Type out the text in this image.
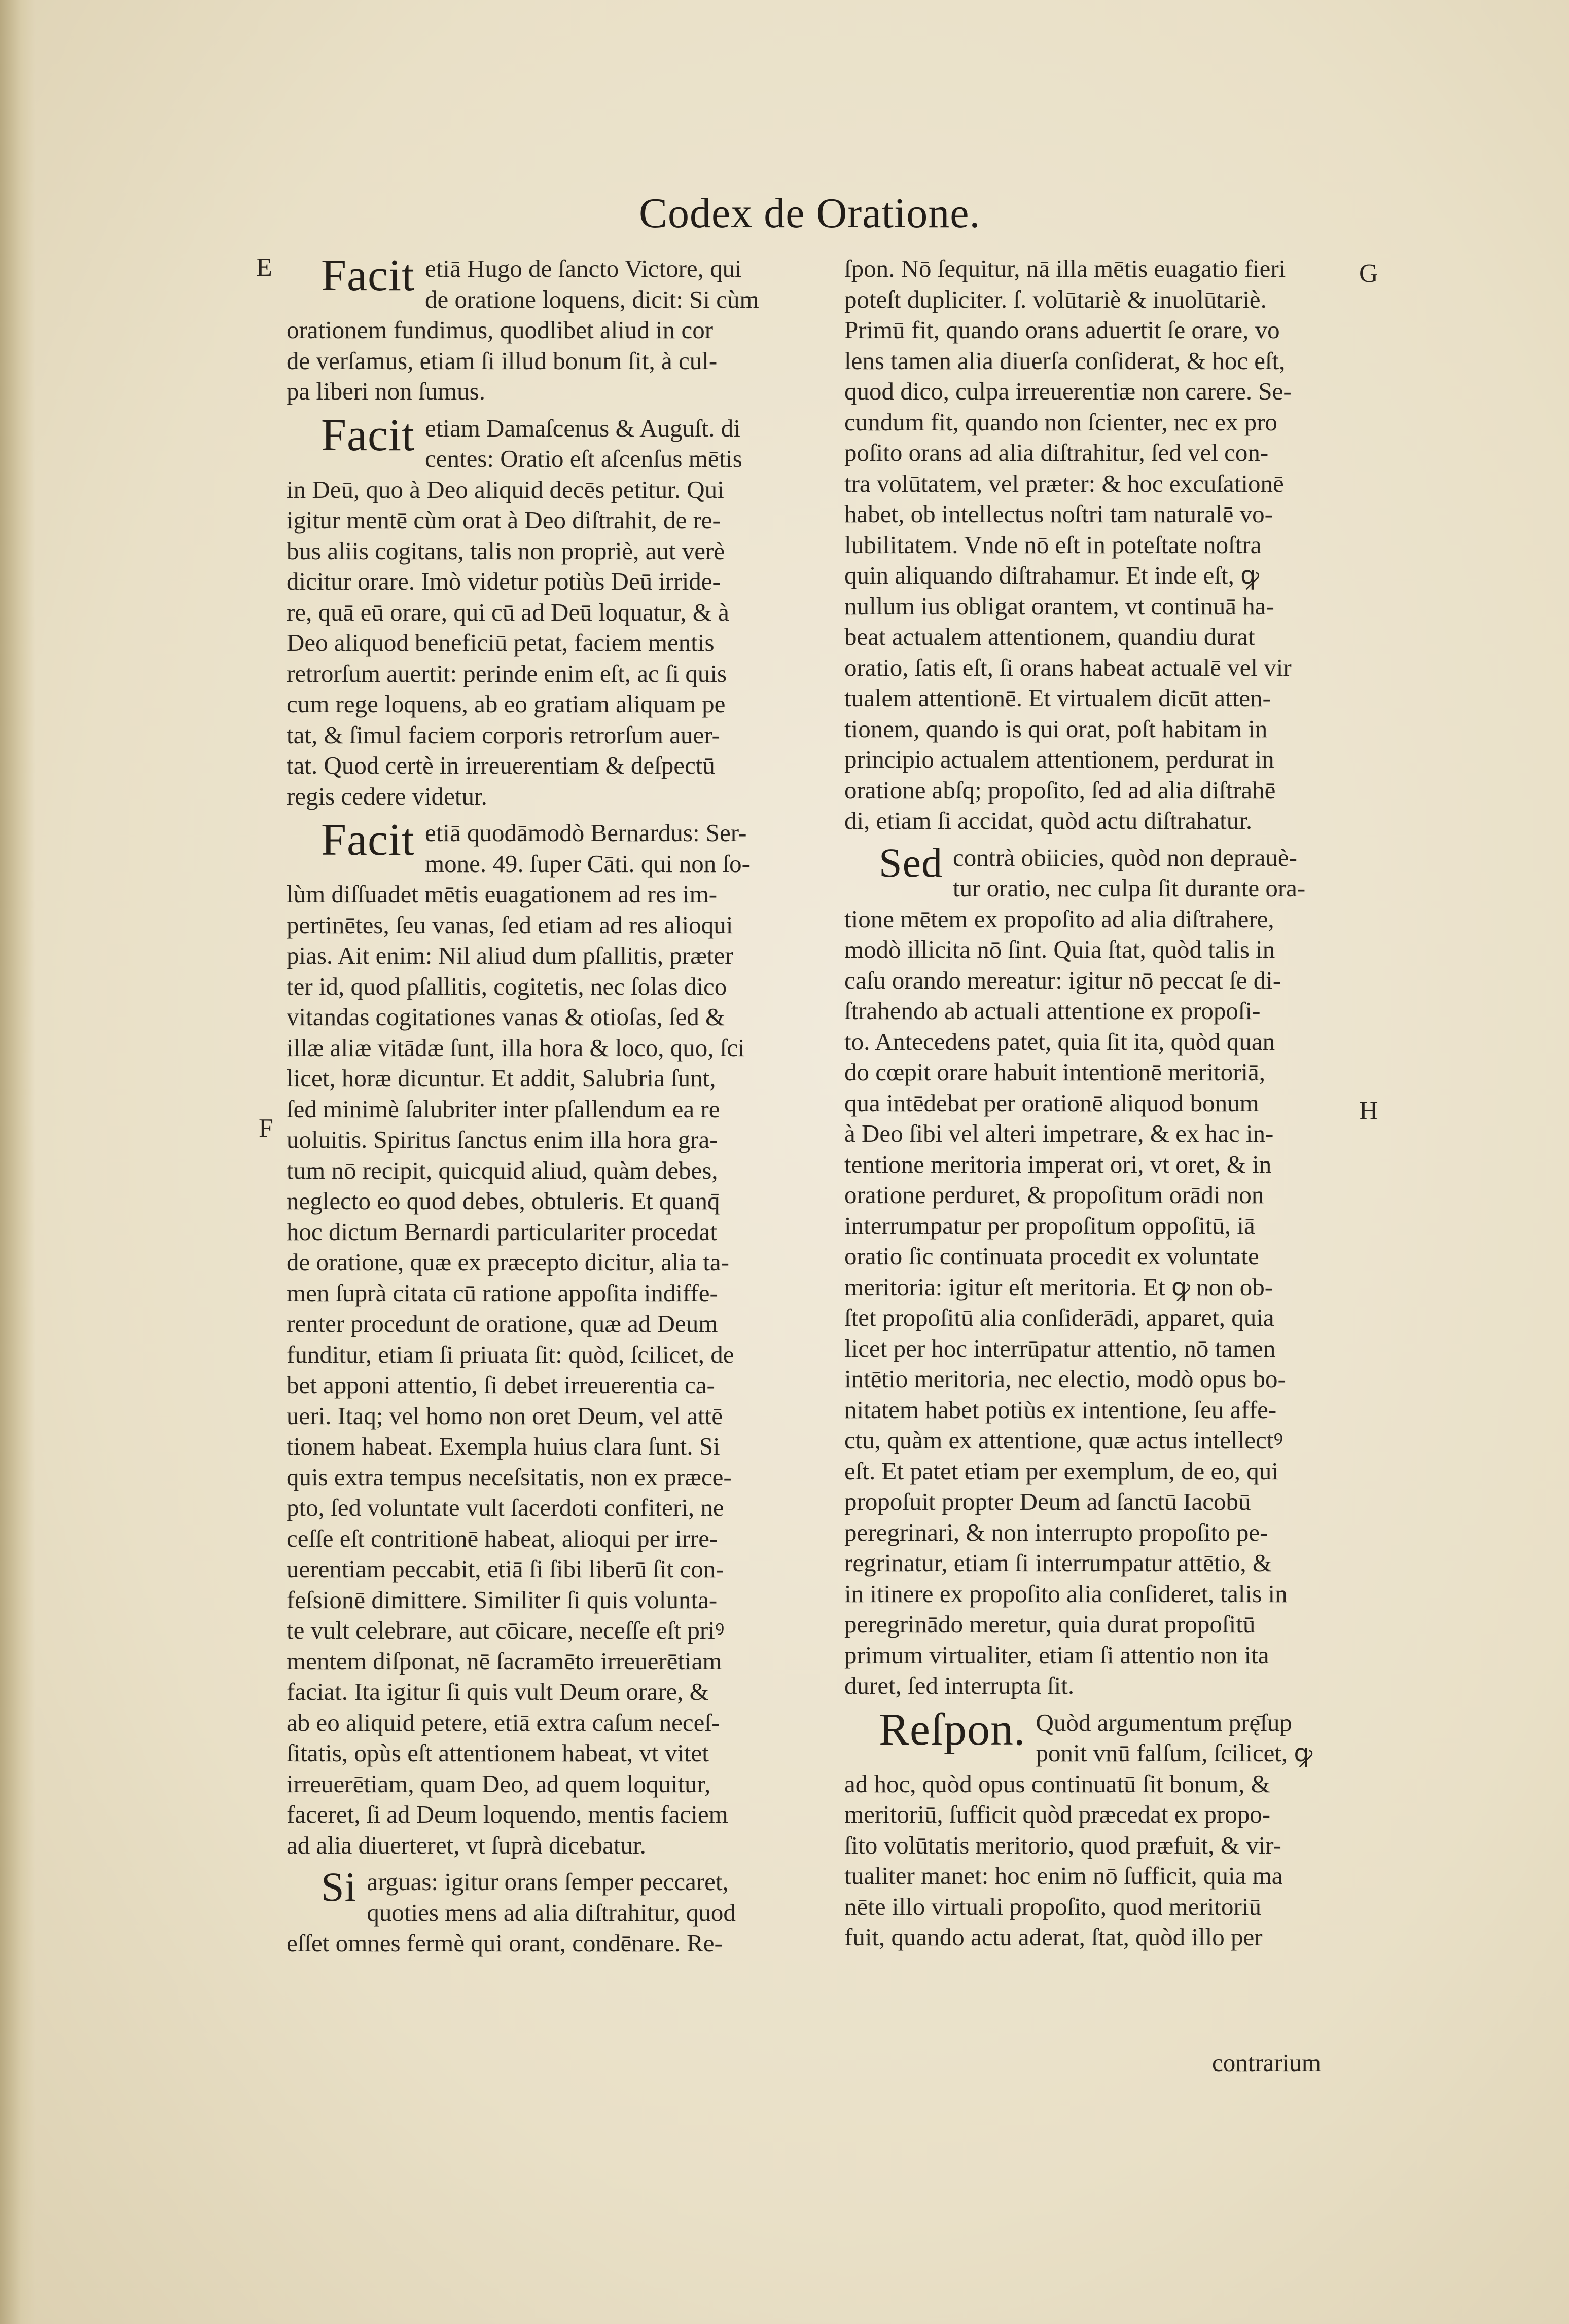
Codex de Oratione.
E
F
G
H
Facit etiā Hugo de ſancto Victore, qui
de oratione loquens, dicit: Si cùm
orationem fundimus, quodlibet aliud in cor
de verſamus, etiam ſi illud bonum ſit, à cul-
pa liberi non ſumus.
Facit etiam Damaſcenus & Auguſt. di
centes: Oratio eſt aſcenſus mētis
in Deū, quo à Deo aliquid decēs petitur. Qui
igitur mentē cùm orat à Deo diſtrahit, de re-
bus aliis cogitans, talis non propriè, aut verè
dicitur orare. Imò videtur potiùs Deū irride-
re, quā eū orare, qui cū ad Deū loquatur, & à
Deo aliquod beneficiū petat, faciem mentis
retrorſum auertit: perinde enim eſt, ac ſi quis
cum rege loquens, ab eo gratiam aliquam pe
tat, & ſimul faciem corporis retrorſum auer-
tat. Quod certè in irreuerentiam & deſpectū
regis cedere videtur.
Facit etiā quodāmodò Bernardus: Ser-
mone. 49. ſuper Cāti. qui non ſo-
lùm diſſuadet mētis euagationem ad res im-
pertinētes, ſeu vanas, ſed etiam ad res alioqui
pias. Ait enim: Nil aliud dum pſallitis, præter
ter id, quod pſallitis, cogitetis, nec ſolas dico
vitandas cogitationes vanas & otioſas, ſed &
illæ aliæ vitādæ ſunt, illa hora & loco, quo, ſci
licet, horæ dicuntur. Et addit, Salubria ſunt,
ſed minimè ſalubriter inter pſallendum ea re
uoluitis. Spiritus ſanctus enim illa hora gra-
tum nō recipit, quicquid aliud, quàm debes,
neglecto eo quod debes, obtuleris. Et quanq̄
hoc dictum Bernardi particulariter procedat
de oratione, quæ ex præcepto dicitur, alia ta-
men ſuprà citata cū ratione appoſita indiffe-
renter procedunt de oratione, quæ ad Deum
funditur, etiam ſi priuata ſit: quòd, ſcilicet, de
bet apponi attentio, ſi debet irreuerentia ca-
ueri. Itaq; vel homo non oret Deum, vel attē
tionem habeat. Exempla huius clara ſunt. Si
quis extra tempus neceſsitatis, non ex præce-
pto, ſed voluntate vult ſacerdoti confiteri, ne
ceſſe eſt contritionē habeat, alioqui per irre-
uerentiam peccabit, etiā ſi ſibi liberū ſit con-
feſsionē dimittere. Similiter ſi quis volunta-
te vult celebrare, aut cōicare, neceſſe eſt priꝰ
mentem diſponat, nē ſacramēto irreuerētiam
faciat. Ita igitur ſi quis vult Deum orare, &
ab eo aliquid petere, etiā extra caſum neceſ-
ſitatis, opùs eſt attentionem habeat, vt vitet
irreuerētiam, quam Deo, ad quem loquitur,
faceret, ſi ad Deum loquendo, mentis faciem
ad alia diuerteret, vt ſuprà dicebatur.
Si arguas: igitur orans ſemper peccaret,
quoties mens ad alia diſtrahitur, quod
eſſet omnes fermè qui orant, condēnare. Re-
ſpon. Nō ſequitur, nā illa mētis euagatio fieri
poteſt dupliciter. ſ. volūtariè & inuolūtariè.
Primū fit, quando orans aduertit ſe orare, vo
lens tamen alia diuerſa conſiderat, & hoc eſt,
quod dico, culpa irreuerentiæ non carere. Se-
cundum fit, quando non ſcienter, nec ex pro
poſito orans ad alia diſtrahitur, ſed vel con-
tra volūtatem, vel præter: & hoc excuſationē
habet, ob intellectus noſtri tam naturalē vo-
lubilitatem. Vnde nō eſt in poteſtate noſtra
quin aliquando diſtrahamur. Et inde eſt, ꝙ
nullum ius obligat orantem, vt continuā ha-
beat actualem attentionem, quandiu durat
oratio, ſatis eſt, ſi orans habeat actualē vel vir
tualem attentionē. Et virtualem dicūt atten-
tionem, quando is qui orat, poſt habitam in
principio actualem attentionem, perdurat in
oratione abſq; propoſito, ſed ad alia diſtrahē
di, etiam ſi accidat, quòd actu diſtrahatur.
Sed contrà obiicies, quòd non deprauè-
tur oratio, nec culpa ſit durante ora-
tione mētem ex propoſito ad alia diſtrahere,
modò illicita nō ſint. Quia ſtat, quòd talis in
caſu orando mereatur: igitur nō peccat ſe di-
ſtrahendo ab actuali attentione ex propoſi-
to. Antecedens patet, quia ſit ita, quòd quan
do cœpit orare habuit intentionē meritoriā,
qua intēdebat per orationē aliquod bonum
à Deo ſibi vel alteri impetrare, & ex hac in-
tentione meritoria imperat ori, vt oret, & in
oratione perduret, & propoſitum orādi non
interrumpatur per propoſitum oppoſitū, iā
oratio ſic continuata procedit ex voluntate
meritoria: igitur eſt meritoria. Et ꝙ non ob-
ſtet propoſitū alia conſiderādi, apparet, quia
licet per hoc interrūpatur attentio, nō tamen
intētio meritoria, nec electio, modò opus bo-
nitatem habet potiùs ex intentione, ſeu affe-
ctu, quàm ex attentione, quæ actus intellectꝰ
eſt. Et patet etiam per exemplum, de eo, qui
propoſuit propter Deum ad ſanctū Iacobū
peregrinari, & non interrupto propoſito pe-
regrinatur, etiam ſi interrumpatur attētio, &
in itinere ex propoſito alia conſideret, talis in
peregrinādo meretur, quia durat propoſitū
primum virtualiter, etiam ſi attentio non ita
duret, ſed interrupta ſit.
Reſpon. Quòd argumentum prę̄ſup
ponit vnū falſum, ſcilicet, ꝙ
ad hoc, quòd opus continuatū ſit bonum, &
meritoriū, ſufficit quòd præcedat ex propo-
ſito volūtatis meritorio, quod præfuit, & vir-
tualiter manet: hoc enim nō ſufficit, quia ma
nēte illo virtuali propoſito, quod meritoriū
fuit, quando actu aderat, ſtat, quòd illo per
contrarium
